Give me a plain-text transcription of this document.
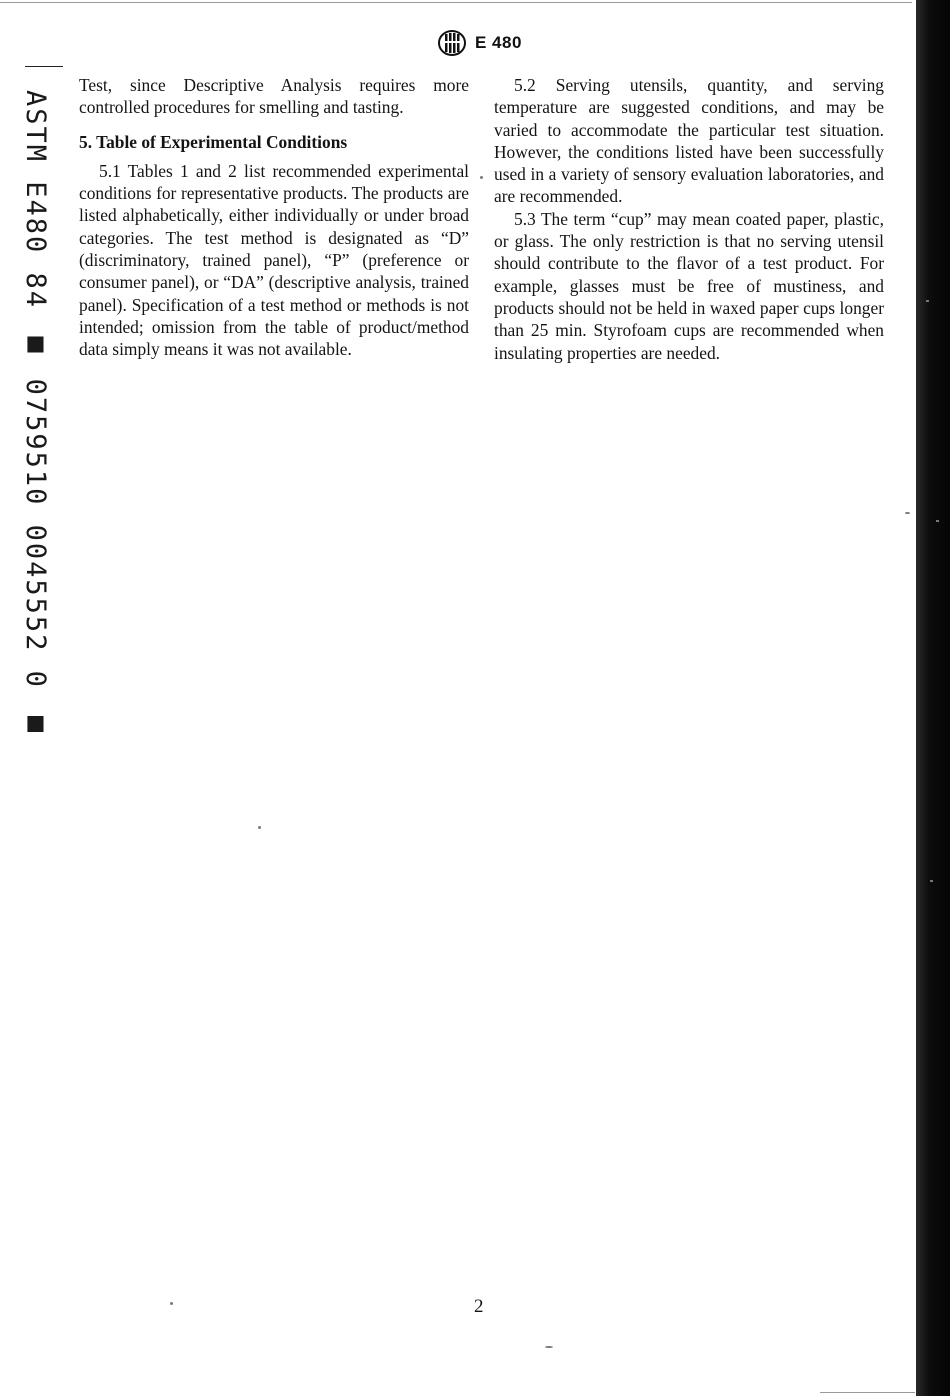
E 480
ASTM E480 84 ■ 0759510 0045552 0 ■

Test, since Descriptive Analysis requires more controlled procedures for smelling and tasting.

5. Table of Experimental Conditions

5.1 Tables 1 and 2 list recommended experimental conditions for representative products. The products are listed alphabetically, either individually or under broad categories. The test method is designated as “D” (discriminatory, trained panel), “P” (preference or consumer panel), or “DA” (descriptive analysis, trained panel). Specification of a test method or methods is not intended; omission from the table of product/method data simply means it was not available.

5.2 Serving utensils, quantity, and serving temperature are suggested conditions, and may be varied to accommodate the particular test situation. However, the conditions listed have been successfully used in a variety of sensory evaluation laboratories, and are recommended.

5.3 The term “cup” may mean coated paper, plastic, or glass. The only restriction is that no serving utensil should contribute to the flavor of a test product. For example, glasses must be free of mustiness, and products should not be held in waxed paper cups longer than 25 min. Styrofoam cups are recommended when insulating properties are needed.

2
